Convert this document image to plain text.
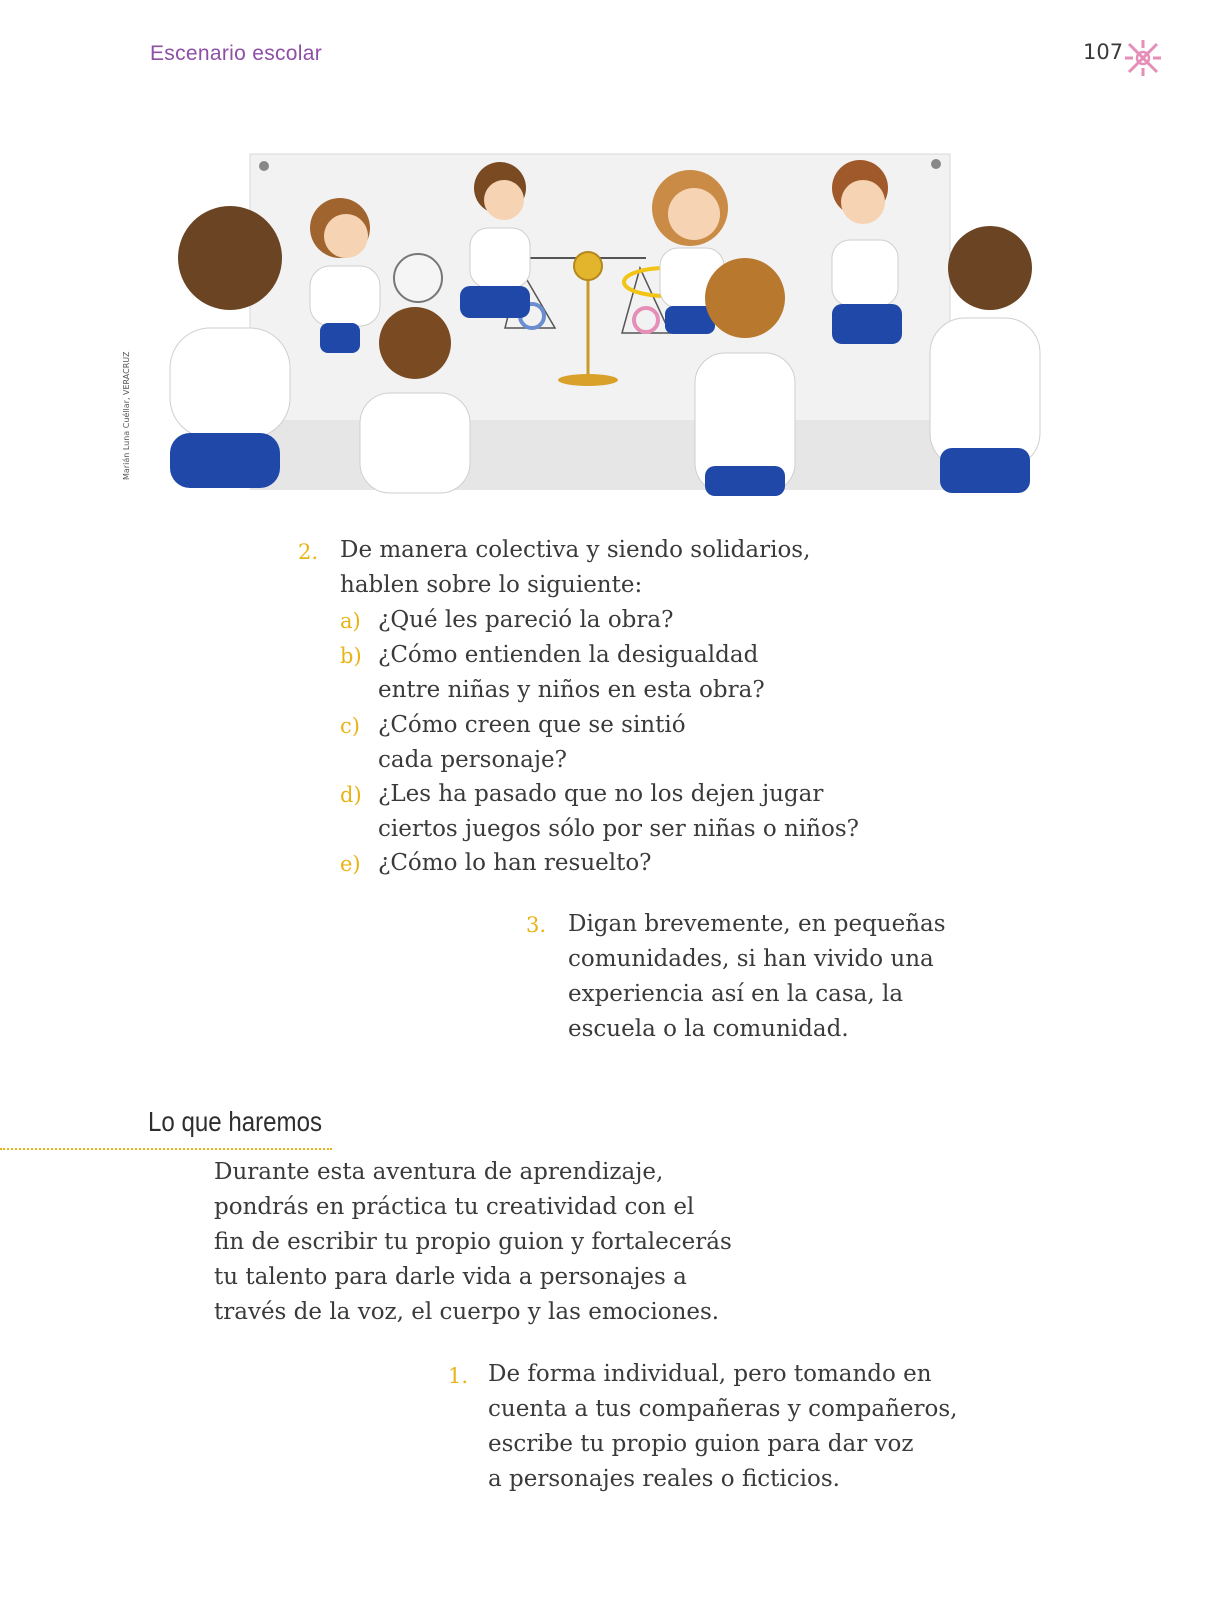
Escenario escolar	107
Marián Luna Cuéllar, VERACRUZ
2. De manera colectiva y siendo solidarios,
hablen sobre lo siguiente:
a) ¿Qué les pareció la obra?
b) ¿Cómo entienden la desigualdad
entre niñas y niños en esta obra?
c) ¿Cómo creen que se sintió
cada personaje?
d) ¿Les ha pasado que no los dejen jugar
ciertos juegos sólo por ser niñas o niños?
e) ¿Cómo lo han resuelto?
3. Digan brevemente, en pequeñas
comunidades, si han vivido una
experiencia así en la casa, la
escuela o la comunidad.
Lo que haremos
Durante esta aventura de aprendizaje,
pondrás en práctica tu creatividad con el
fin de escribir tu propio guion y fortalecerás
tu talento para darle vida a personajes a
través de la voz, el cuerpo y las emociones.
1. De forma individual, pero tomando en
cuenta a tus compañeras y compañeros,
escribe tu propio guion para dar voz
a personajes reales o ficticios.
